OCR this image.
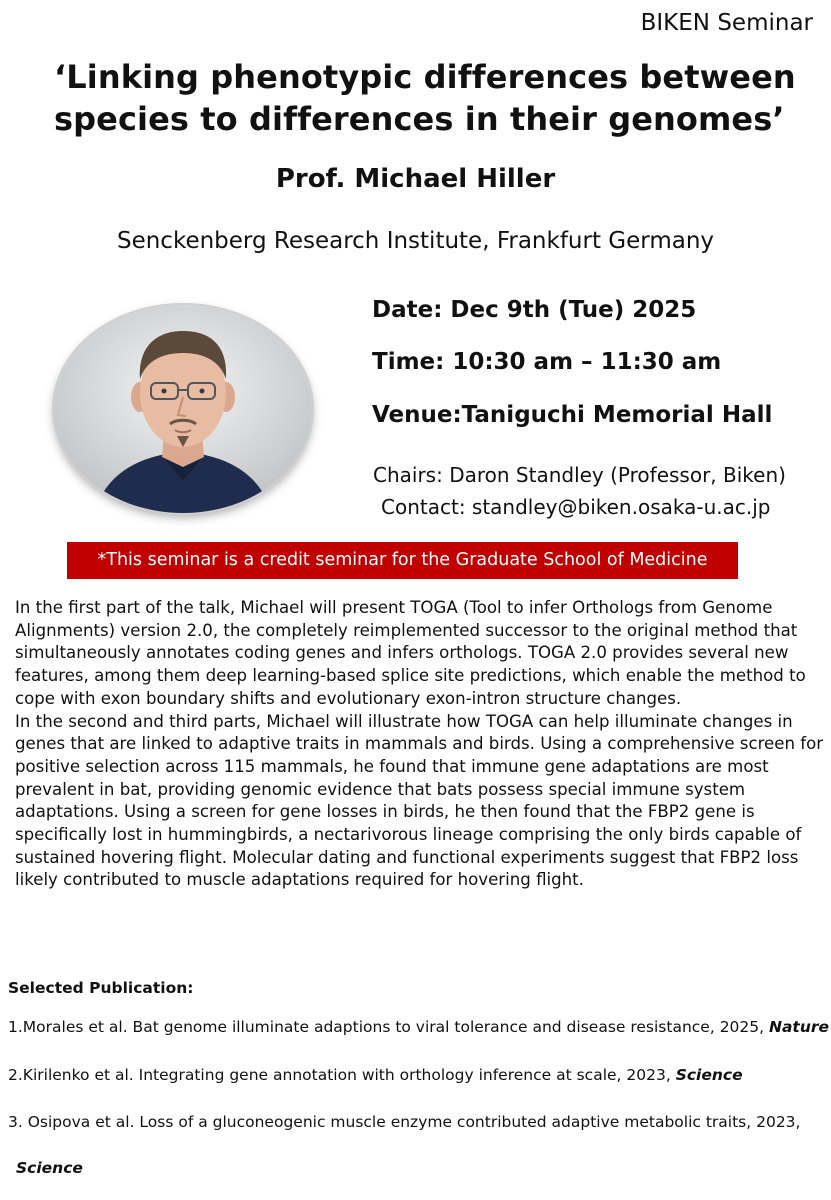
BIKEN Seminar
‘Linking phenotypic differences between
species to differences in their genomes’
Prof. Michael Hiller
Senckenberg Research Institute, Frankfurt Germany
Date: Dec 9th (Tue) 2025
Time: 10:30 am – 11:30 am
Venue:Taniguchi Memorial Hall
Chairs: Daron Standley (Professor, Biken)
Contact: standley@biken.osaka-u.ac.jp
*This seminar is a credit seminar for the Graduate School of Medicine

In the first part of the talk, Michael will present TOGA (Tool to infer Orthologs from Genome Alignments) version 2.0, the completely reimplemented successor to the original method that simultaneously annotates coding genes and infers orthologs. TOGA 2.0 provides several new features, among them deep learning-based splice site predictions, which enable the method to cope with exon boundary shifts and evolutionary exon-intron structure changes.

In the second and third parts, Michael will illustrate how TOGA can help illuminate changes in genes that are linked to adaptive traits in mammals and birds. Using a comprehensive screen for positive selection across 115 mammals, he found that immune gene adaptations are most prevalent in bat, providing genomic evidence that bats possess special immune system adaptations. Using a screen for gene losses in birds, he then found that the FBP2 gene is specifically lost in hummingbirds, a nectarivorous lineage comprising the only birds capable of sustained hovering flight. Molecular dating and functional experiments suggest that FBP2 loss likely contributed to muscle adaptations required for hovering flight.

Selected Publication:
1.Morales et al. Bat genome illuminate adaptions to viral tolerance and disease resistance, 2025, Nature
2.Kirilenko et al. Integrating gene annotation with orthology inference at scale, 2023, Science
3. Osipova et al. Loss of a gluconeogenic muscle enzyme contributed adaptive metabolic traits, 2023,
Science
